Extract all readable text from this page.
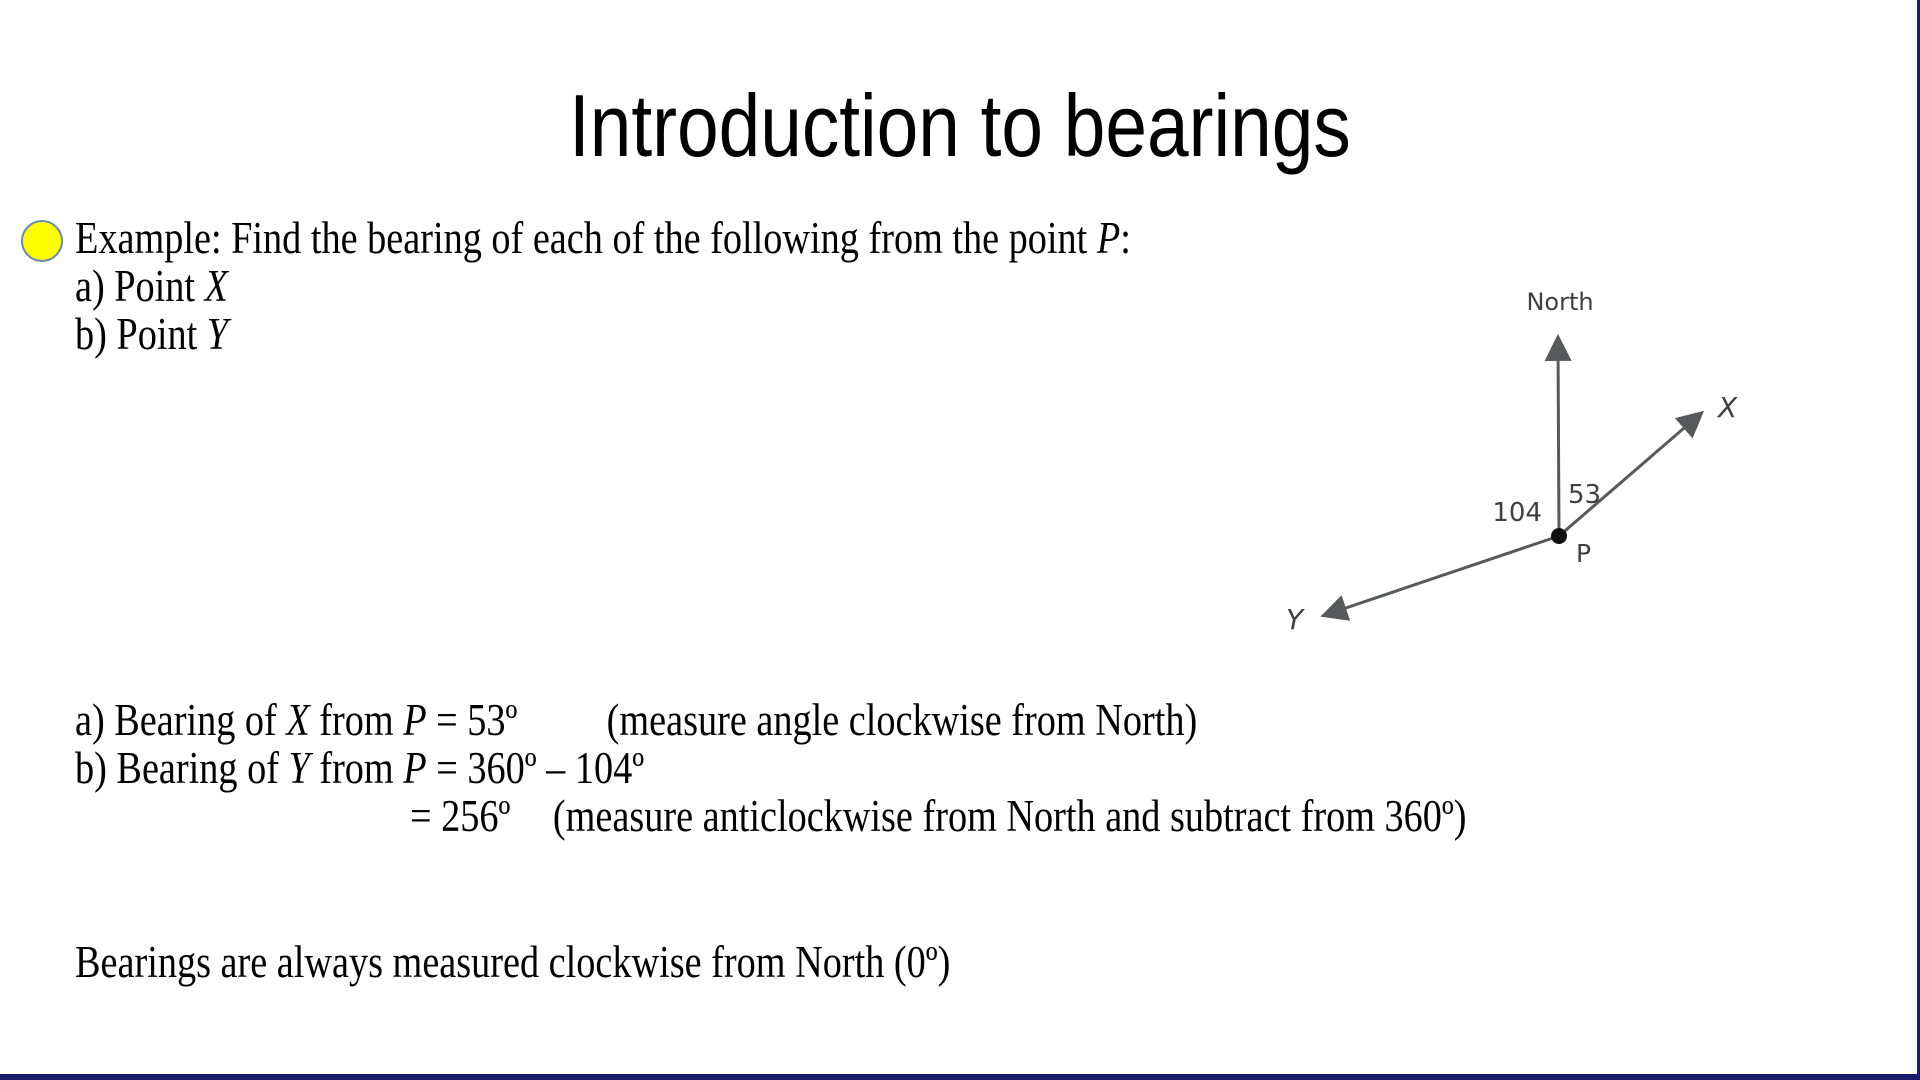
Introduction to bearings
Example: Find the bearing of each of the following from the point P:
a) Point X
b) Point Y
North
53
104
P
X
Y
a) Bearing of X from P = 53º (measure angle clockwise from North)
b) Bearing of Y from P = 360º – 104º
= 256º (measure anticlockwise from North and subtract from 360º)
Bearings are always measured clockwise from North (0º)
